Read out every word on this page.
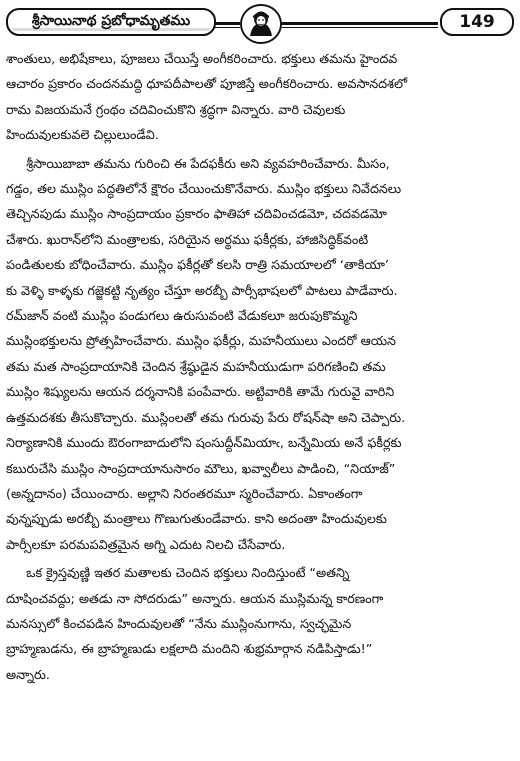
శ్రీసాయినాథ ప్రబోధామృతము	149

శాంతులు, అభిషేకాలు, పూజలు చేయిస్తే అంగీకరించారు. భక్తులు తమను హైందవ
ఆచారం ప్రకారం చందనమద్ది ధూపదీపాలతో పూజిస్తే అంగీకరించారు. అవసానదశలో
రామ విజయమనే గ్రంథం చదివించుకొని శ్రద్ధగా విన్నారు. వారి చెవులకు
హిందువులకువలె చిల్లులుండేవి.

శ్రీసాయిబాబా తమను గురించి ఈ పేదఫకీరు అని వ్యవహరించేవారు. మీసం,
గడ్డం, తల ముస్లిం పద్ధతిలోనే క్షౌరం చేయించుకొనేవారు. ముస్లిం భక్తులు నివేదనలు
తెచ్చినపుడు ముస్లిం సాంప్రదాయం ప్రకారం ఫాతిహా చదివించడమో, చదవడమో
చేశారు. ఖురాన్‌లోని మంత్రాలకు, సరియైన అర్థము ఫకీర్లకు, హాజిసిద్ధిక్‌వంటి
పండితులకు బోధించేవారు. ముస్లిం ఫకీర్లతో కలసి రాత్రి సమయాలలో ‘తాకియా’
కు వెళ్ళి కాళ్ళకు గజ్జెకట్టి నృత్యం చేస్తూ అరబ్బీ పార్సీభాషలలో పాటలు పాడేవారు.
రమ్‌జాన్ వంటి ముస్లిం పండుగలు ఉరుసువంటి వేడుకలూ జరుపుకొమ్మని
ముస్లింభక్తులను ప్రోత్సహించేవారు. ముస్లిం ఫకీర్లు, మహనీయులు ఎందరో ఆయన
తమ మత సాంప్రదాయానికి చెందిన శ్రేష్ఠుడైన మహనీయుడుగా పరిగణించి తమ
ముస్లిం శిష్యులను ఆయన దర్శనానికి పంపేవారు. అట్టివారికి తామే గురువై వారిని
ఉత్తమదశకు తీసుకొచ్చారు. ముస్లింలతో తమ గురువు పేరు రోషన్‌షా అని చెప్పారు.
నిర్యాణానికి ముందు ఔరంగాబాదులోని షంసుద్దీన్‌మియాఁ, బన్నేమియ అనే ఫకీర్లకు
కబురుచేసి ముస్లిం సాంప్రదాయానుసారం మౌలు, ఖవ్వాలీలు పాడించి, “నియాజ్”
(అన్నదానం) చేయించారు. అల్లాని నిరంతరమూ స్మరించేవారు. ఏకాంతంగా
వున్నప్పుడు అరబ్బీ మంత్రాలు గొణుగుతుండేవారు. కాని అదంతా హిందువులకు
పార్సీలకూ పరమపవిత్రమైన అగ్ని ఎదుట నిలచి చేసేవారు.

ఒక క్రైస్తవుణ్ణి ఇతర మతాలకు చెందిన భక్తులు నిందిస్తుంటే “అతన్ని
దూషించవద్దు; అతడు నా సోదరుడు” అన్నారు. ఆయన ముస్లిమన్న కారణంగా
మనస్సులో కించపడిన హిందువులతో “నేను ముస్లింనుగాను, స్వచ్ఛమైన
బ్రాహ్మణుడను, ఈ బ్రాహ్మణుడు లక్షలాది మందిని శుభ్రమార్గాన నడిపిస్తాడు!”
అన్నారు.
